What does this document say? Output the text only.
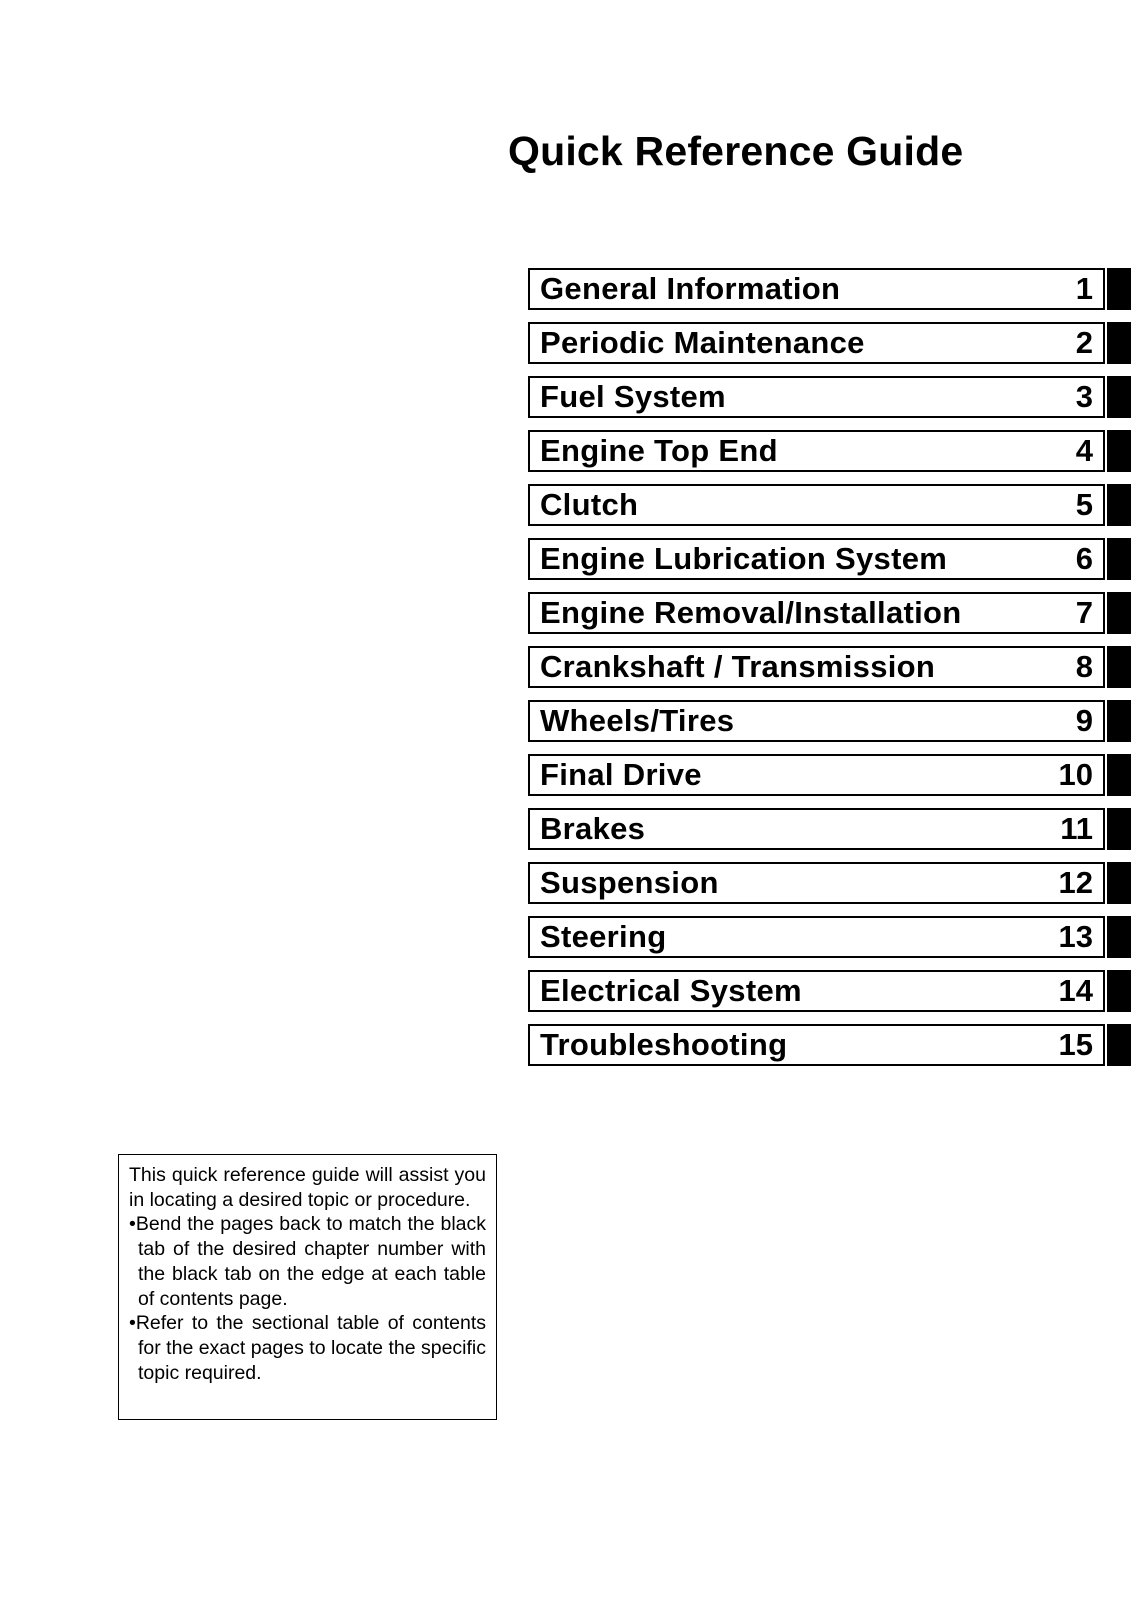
Quick Reference Guide
General Information	1
Periodic Maintenance	2
Fuel System	3
Engine Top End	4
Clutch	5
Engine Lubrication System	6
Engine Removal/Installation	7
Crankshaft / Transmission	8
Wheels/Tires	9
Final Drive	10
Brakes	11
Suspension	12
Steering	13
Electrical System	14
Troubleshooting	15

This quick reference guide will assist you in locating a desired topic or procedure.

•Bend the pages back to match the black tab of the desired chapter number with the black tab on the edge at each table of contents page.

•Refer to the sectional table of contents for the exact pages to locate the specific topic required.
